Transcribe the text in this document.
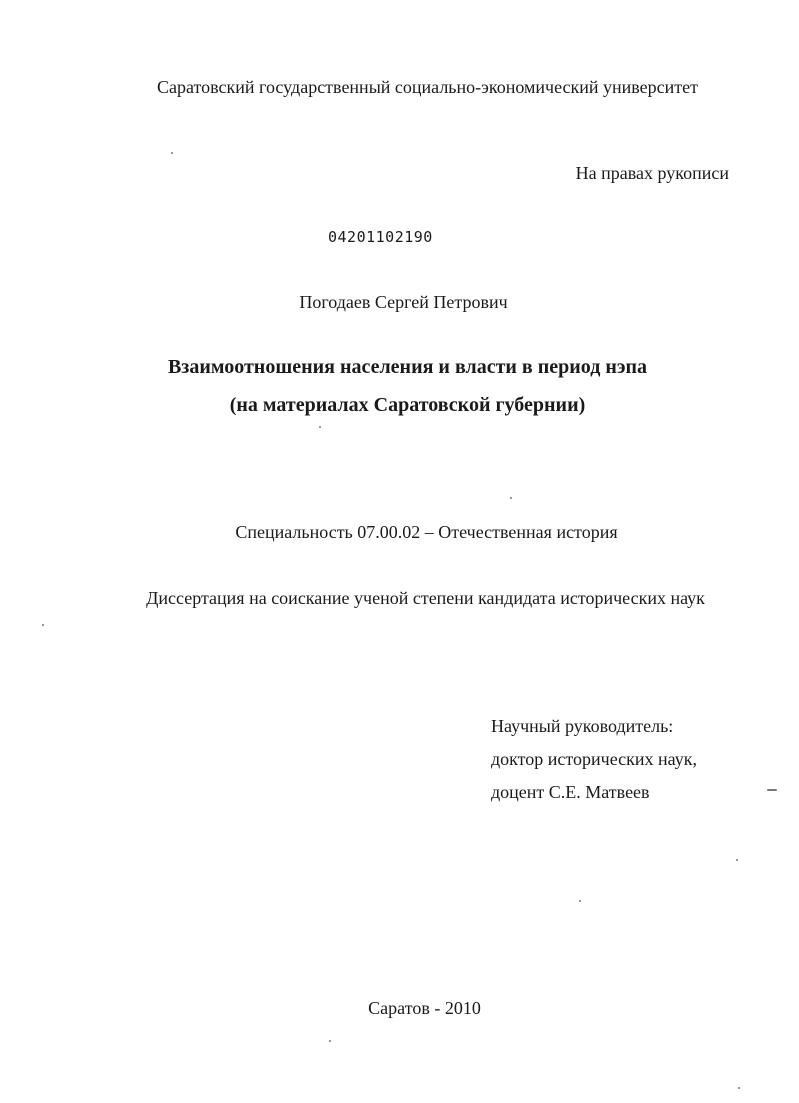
Саратовский государственный социально-экономический университет
На правах рукописи
04201102190
Погодаев Сергей Петрович
Взаимоотношения населения и власти в период нэпа
(на материалах Саратовской губернии)
Специальность 07.00.02 – Отечественная история
Диссертация на соискание ученой степени кандидата исторических наук
Научный руководитель:
доктор исторических наук,
доцент С.Е. Матвеев
Саратов - 2010
